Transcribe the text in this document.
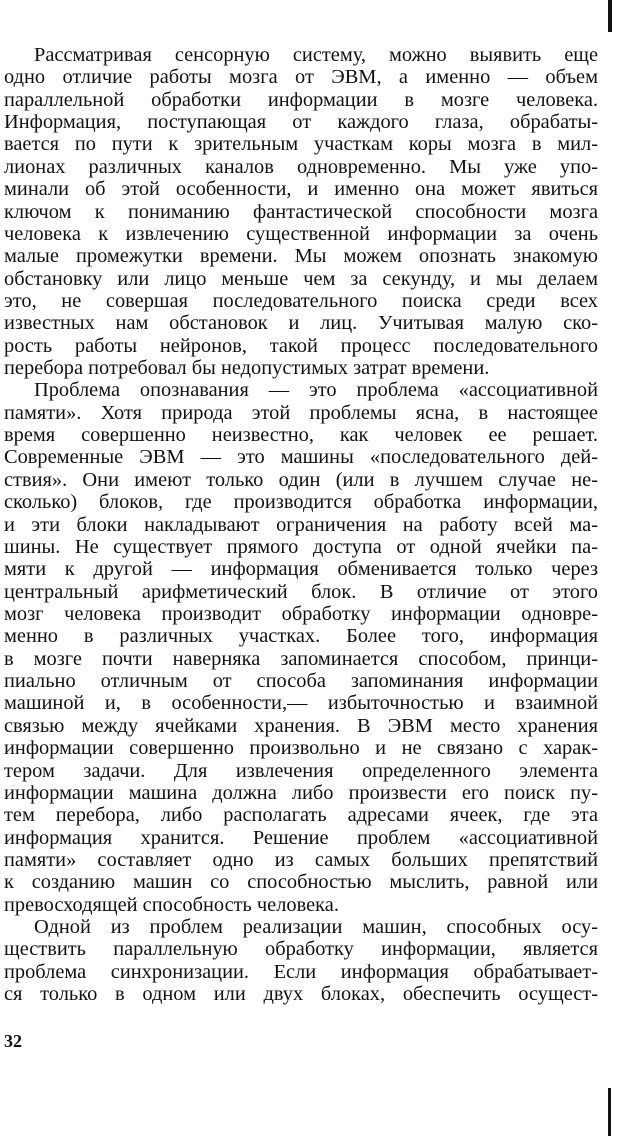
Рассматривая сенсорную систему, можно выявить еще
одно отличие работы мозга от ЭВМ, а именно — объем
параллельной обработки информации в мозге человека.
Информация, поступающая от каждого глаза, обрабаты-
вается по пути к зрительным участкам коры мозга в мил-
лионах различных каналов одновременно. Мы уже упо-
минали об этой особенности, и именно она может явиться
ключом к пониманию фантастической способности мозга
человека к извлечению существенной информации за очень
малые промежутки времени. Мы можем опознать знакомую
обстановку или лицо меньше чем за секунду, и мы делаем
это, не совершая последовательного поиска среди всех
известных нам обстановок и лиц. Учитывая малую ско-
рость работы нейронов, такой процесс последовательного
перебора потребовал бы недопустимых затрат времени.
Проблема опознавания — это проблема «ассоциативной
памяти». Хотя природа этой проблемы ясна, в настоящее
время совершенно неизвестно, как человек ее решает.
Современные ЭВМ — это машины «последовательного дей-
ствия». Они имеют только один (или в лучшем случае не-
сколько) блоков, где производится обработка информации,
и эти блоки накладывают ограничения на работу всей ма-
шины. Не существует прямого доступа от одной ячейки па-
мяти к другой — информация обменивается только через
центральный арифметический блок. В отличие от этого
мозг человека производит обработку информации одновре-
менно в различных участках. Более того, информация
в мозге почти наверняка запоминается способом, принци-
пиально отличным от способа запоминания информации
машиной и, в особенности,— избыточностью и взаимной
связью между ячейками хранения. В ЭВМ место хранения
информации совершенно произвольно и не связано с харак-
тером задачи. Для извлечения определенного элемента
информации машина должна либо произвести его поиск пу-
тем перебора, либо располагать адресами ячеек, где эта
информация хранится. Решение проблем «ассоциативной
памяти» составляет одно из самых больших препятствий
к созданию машин со способностью мыслить, равной или
превосходящей способность человека.
Одной из проблем реализации машин, способных осу-
ществить параллельную обработку информации, является
проблема синхронизации. Если информация обрабатывает-
ся только в одном или двух блоках, обеспечить осущест-
32
